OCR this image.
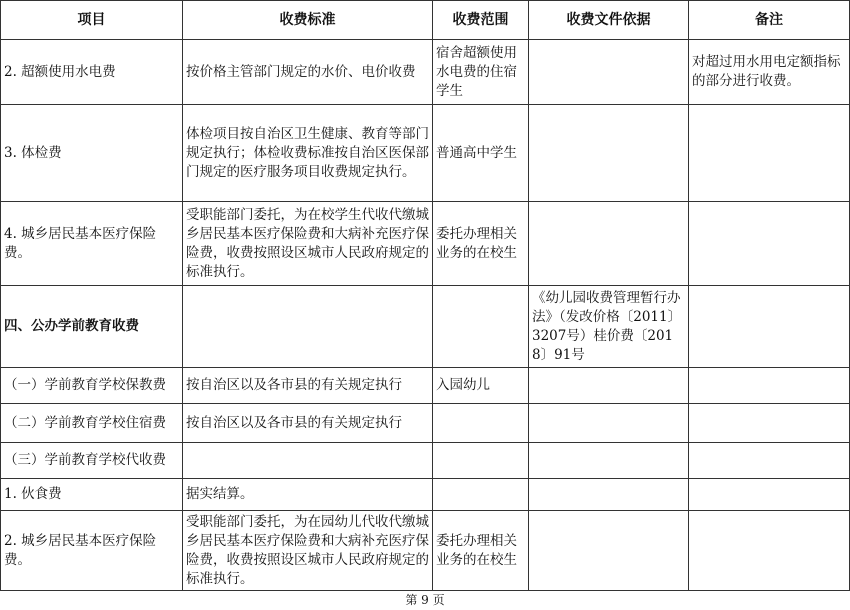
项目	收费标准	收费范围	收费文件依据	备注
2. 超额使用水电费	按价格主管部门规定的水价、电价收费	宿舍超额使用水电费的住宿学生		对超过用水用电定额指标的部分进行收费。
3. 体检费	体检项目按自治区卫生健康、教育等部门规定执行；体检收费标准按自治区医保部门规定的医疗服务项目收费规定执行。	普通高中学生		
4. 城乡居民基本医疗保险费。	受职能部门委托，为在校学生代收代缴城乡居民基本医疗保险费和大病补充医疗保险费，收费按照设区城市人民政府规定的标准执行。	委托办理相关业务的在校生		
四、公办学前教育收费			《幼儿园收费管理暂行办法》（发改价格〔2011〕3207号）桂价费〔2018〕91号	
（一）学前教育学校保教费	按自治区以及各市县的有关规定执行	入园幼儿		
（二）学前教育学校住宿费	按自治区以及各市县的有关规定执行			
（三）学前教育学校代收费				
1. 伙食费	据实结算。			
2. 城乡居民基本医疗保险费。	受职能部门委托，为在园幼儿代收代缴城乡居民基本医疗保险费和大病补充医疗保险费，收费按照设区城市人民政府规定的标准执行。	委托办理相关业务的在校生		
第 9 页
